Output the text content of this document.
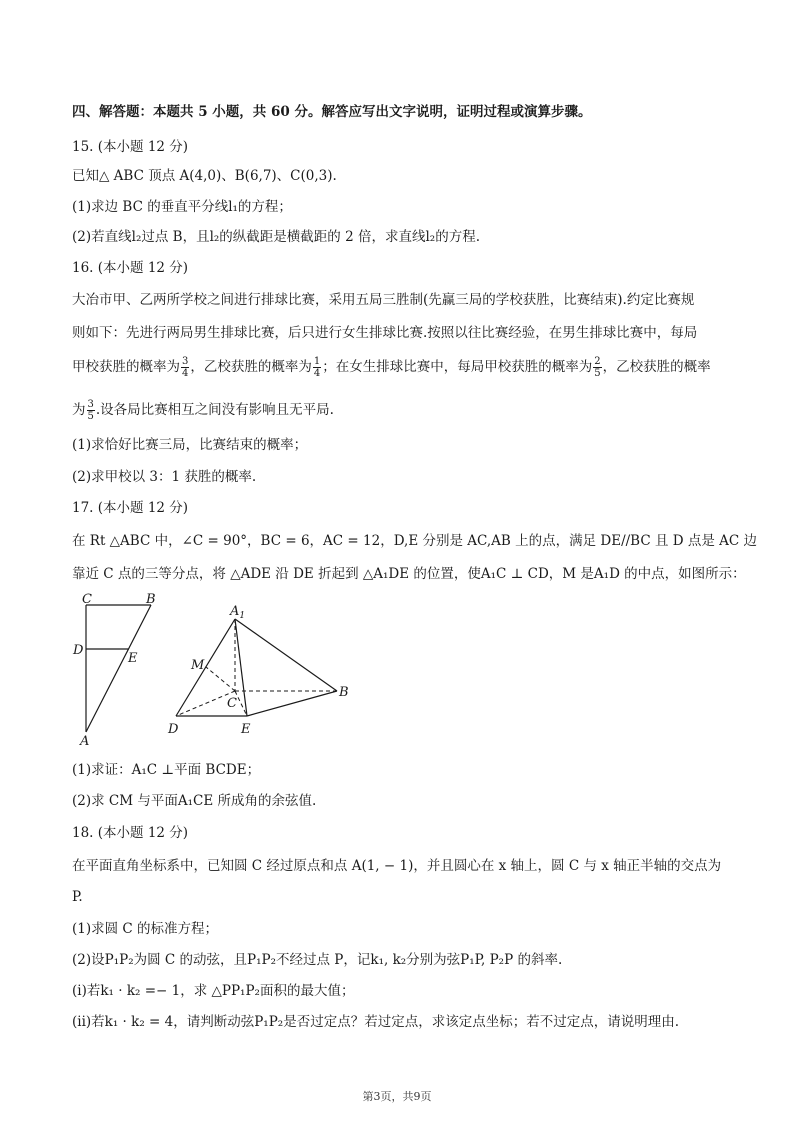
四、解答题：本题共 5 小题，共 60 分。解答应写出文字说明，证明过程或演算步骤。
15. (本小题 12 分)
已知△ ABC 顶点 A(4,0)、B(6,7)、C(0,3).
(1)求边 BC 的垂直平分线l₁的方程；
(2)若直线l₂过点 B，且l₂的纵截距是横截距的 2 倍，求直线l₂的方程.
16. (本小题 12 分)
大冶市甲、乙两所学校之间进行排球比赛，采用五局三胜制(先赢三局的学校获胜，比赛结束).约定比赛规
则如下：先进行两局男生排球比赛，后只进行女生排球比赛.按照以往比赛经验，在男生排球比赛中，每局
甲校获胜的概率为 $\frac{3}{4}$ ，乙校获胜的概率为 $\frac{1}{4}$ ；在女生排球比赛中，每局甲校获胜的概率为 $\frac{2}{5}$ ，乙校获胜的概率
为 $\frac{3}{5}$ .设各局比赛相互之间没有影响且无平局.
(1)求恰好比赛三局，比赛结束的概率；
(2)求甲校以 3：1 获胜的概率.
17. (本小题 12 分)
在 Rt △ABC 中，∠C = 90°，BC = 6，AC = 12，D,E 分别是 AC,AB 上的点，满足 DE//BC 且 D 点是 AC 边
靠近 C 点的三等分点，将 △ADE 沿 DE 折起到 △A₁DE 的位置，使A₁C ⊥ CD，M 是A₁D 的中点，如图所示：
C	B
D
E
A
$A_1$
M
C
B
D	E
(1)求证：A₁C ⊥平面 BCDE；
(2)求 CM 与平面A₁CE 所成角的余弦值.
18. (本小题 12 分)
在平面直角坐标系中，已知圆 C 经过原点和点 A(1, − 1)，并且圆心在 x 轴上，圆 C 与 x 轴正半轴的交点为
P.
(1)求圆 C 的标准方程；
(2)设P₁P₂为圆 C 的动弦，且P₁P₂不经过点 P，记k₁, k₂分别为弦P₁P, P₂P 的斜率.
(i)若k₁ · k₂ =− 1，求 △PP₁P₂面积的最大值；
(ii)若k₁ · k₂ = 4，请判断动弦P₁P₂是否过定点？若过定点，求该定点坐标；若不过定点，请说明理由.
第3页，共9页
